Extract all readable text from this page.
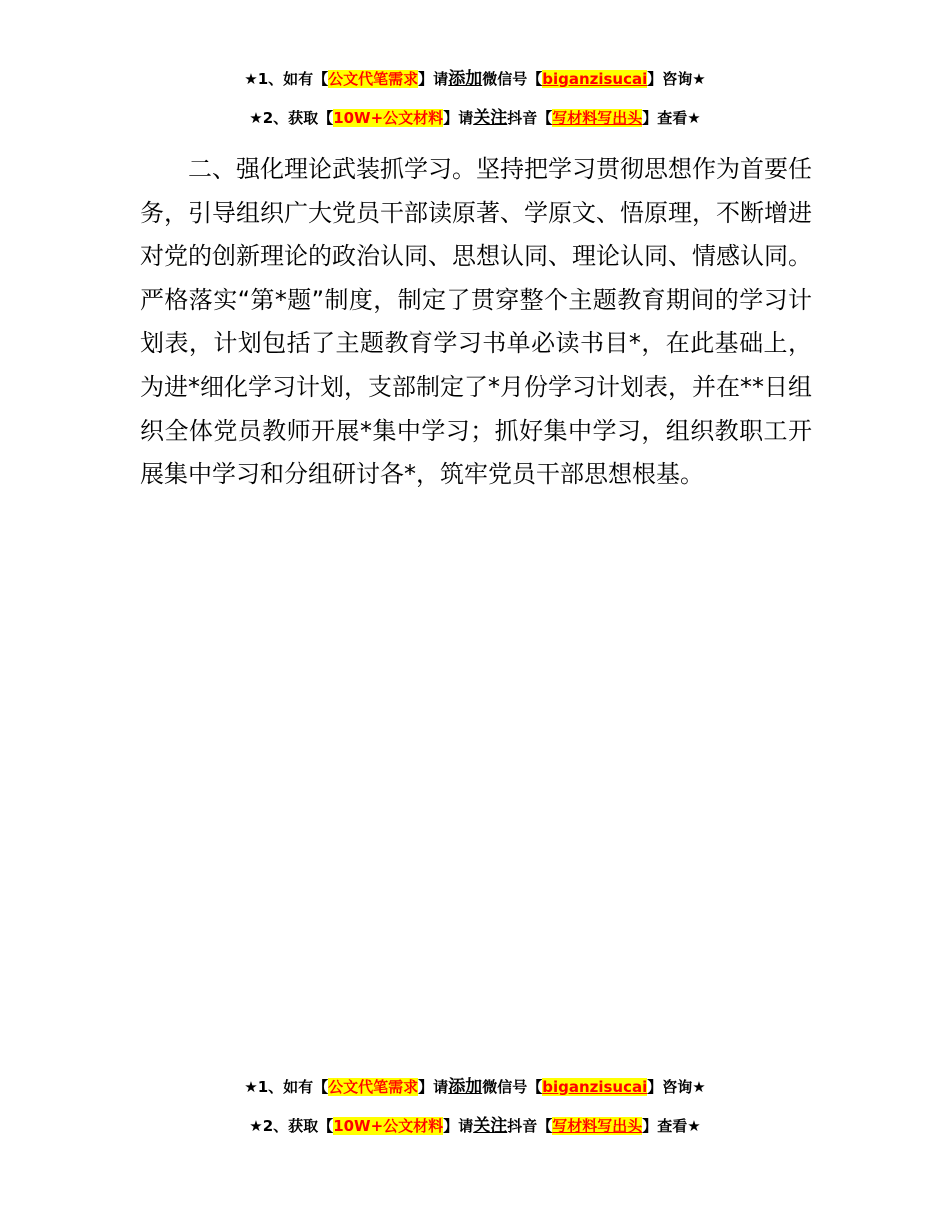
★1、如有【公文代笔需求】请添加微信号【biganzisucai】咨询★
★2、获取【10W+公文材料】请关注抖音【写材料写出头】查看★

二、强化理论武装抓学习。坚持把学习贯彻思想作为首要任务，引导组织广大党员干部读原著、学原文、悟原理，不断增进对党的创新理论的政治认同、思想认同、理论认同、情感认同。严格落实“第*题”制度，制定了贯穿整个主题教育期间的学习计划表，计划包括了主题教育学习书单必读书目*，在此基础上，为进*细化学习计划，支部制定了*月份学习计划表，并在**日组织全体党员教师开展*集中学习；抓好集中学习，组织教职工开展集中学习和分组研讨各*，筑牢党员干部思想根基。

★1、如有【公文代笔需求】请添加微信号【biganzisucai】咨询★
★2、获取【10W+公文材料】请关注抖音【写材料写出头】查看★
